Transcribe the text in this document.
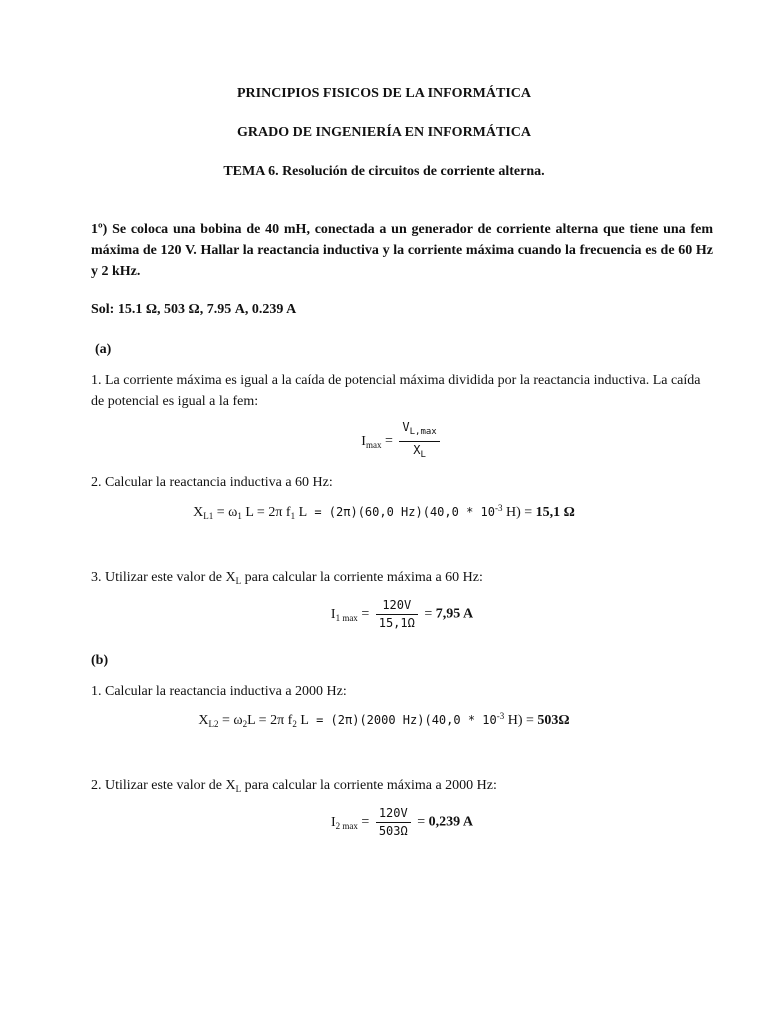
PRINCIPIOS FISICOS DE LA INFORMÁTICA
GRADO DE INGENIERÍA EN INFORMÁTICA
TEMA 6. Resolución de circuitos de corriente alterna.
1º) Se coloca una bobina de 40 mH, conectada a un generador de corriente alterna que tiene una fem máxima de 120 V. Hallar la reactancia inductiva y la corriente máxima cuando la frecuencia es de 60 Hz y 2 kHz.
Sol: 15.1 Ω, 503 Ω, 7.95 A, 0.239 A
(a)
1. La corriente máxima es igual a la caída de potencial máxima dividida por la reactancia inductiva. La caída de potencial es igual a la fem:
$I_{max} = \frac{V_{L,max}}{X_L}$
2. Calcular la reactancia inductiva a 60 Hz:
$X_{L1} = \omega_1$ L = 2π $f_1$ L = (2π)(60,0 $Hz)(40,0 * 10^{-3}$ H) = 15,1 Ω
3. Utilizar este valor de $X_L$ para calcular la corriente máxima a 60 Hz:
$I_{1 max} = \frac{120V}{15,1\Omega} = 7,95$ A
(b)
1. Calcular la reactancia inductiva a 2000 Hz:
$X_{L2} = \omega_2L = 2\pi$ $f_2$ L = (2π)(2000 $Hz)(40,0 * 10^{-3}$ H) = 503Ω
2. Utilizar este valor de $X_L$ para calcular la corriente máxima a 2000 Hz:
$I_{2 max} = \frac{120V}{503\Omega} = 0,239$ A
